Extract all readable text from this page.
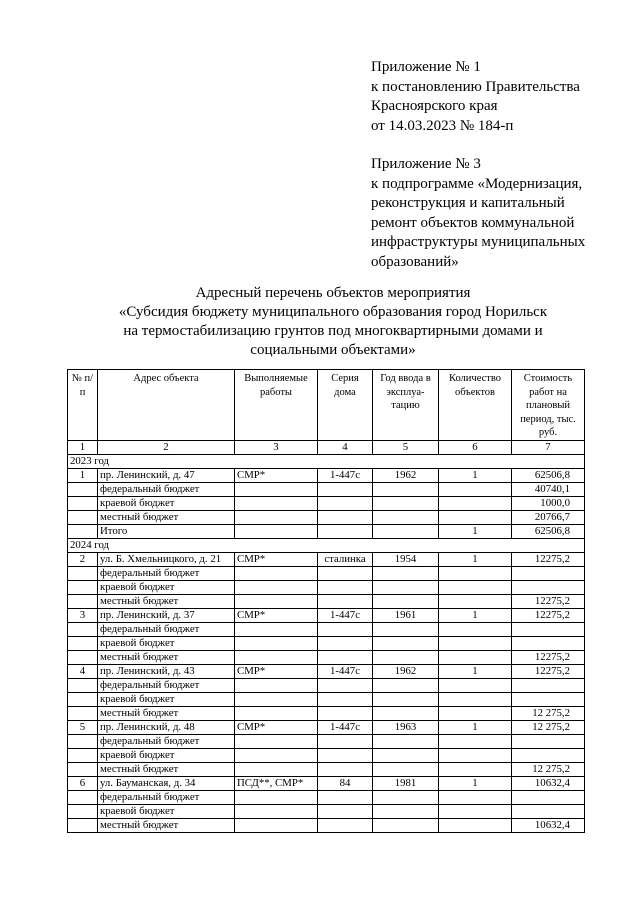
Приложение № 1

к постановлению Правительства

Красноярского края

от 14.03.2023 № 184-п

Приложение № 3

к подпрограмме «Модернизация,

реконструкция и капитальный

ремонт объектов коммунальной

инфраструктуры муниципальных

образований»

Адресный перечень объектов мероприятия

«Субсидия бюджету муниципального образования город Норильск

на термостабилизацию грунтов под многоквартирными домами и

социальными объектами»

№ п/п	Адрес объекта	Выполняемые работы	Серия дома	Год ввода в эксплуа-тацию	Количество объектов	Стоимость работ на плановый период, тыс. руб.
1	2	3	4	5	6	7
2023 год						
1	пр. Ленинский, д. 47	СМР*	1-447с	1962	1	62506,8
	федеральный бюджет					40740,1
	краевой бюджет					1000,0
	местный бюджет					20766,7
	Итого				1	62506,8
2024 год						
2	ул. Б. Хмельницкого, д. 21	СМР*	сталинка	1954	1	12275,2
	федеральный бюджет					
	краевой бюджет					
	местный бюджет					12275,2
3	пр. Ленинский, д. 37	СМР*	1-447с	1961	1	12275,2
	федеральный бюджет					
	краевой бюджет					
	местный бюджет					12275,2
4	пр. Ленинский, д. 43	СМР*	1-447с	1962	1	12275,2
	федеральный бюджет					
	краевой бюджет					
	местный бюджет					12 275,2
5	пр. Ленинский, д. 48	СМР*	1-447с	1963	1	12 275,2
	федеральный бюджет					
	краевой бюджет					
	местный бюджет					12 275,2
6	ул. Бауманская, д. 34	ПСД**, СМР*	84	1981	1	10632,4
	федеральный бюджет					
	краевой бюджет					
	местный бюджет					10632,4
